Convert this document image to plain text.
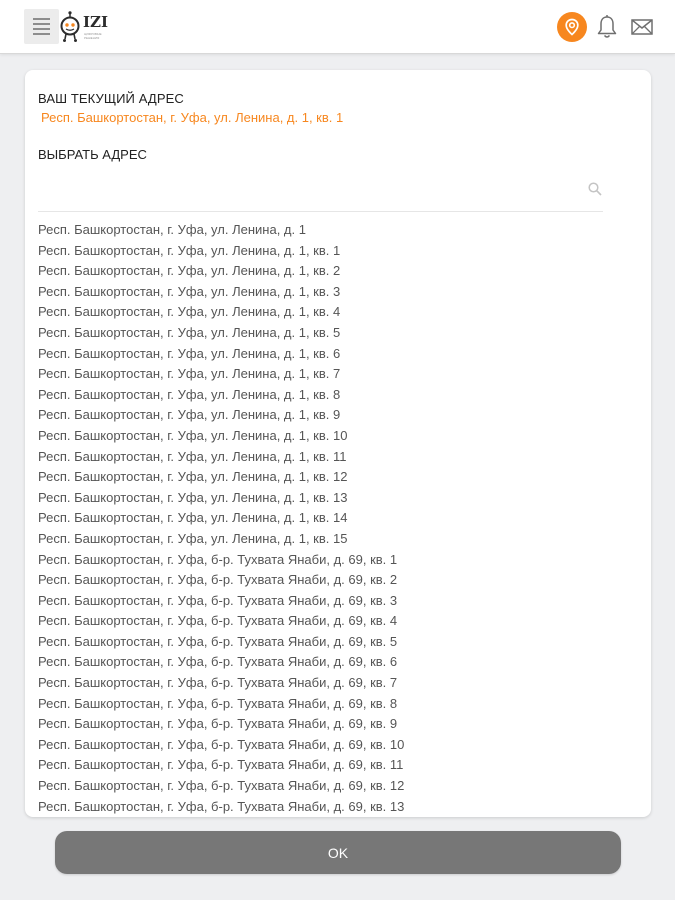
IZI
ЦИФРОВЫЕ РЕШЕНИЯ
ВАШ ТЕКУЩИЙ АДРЕС
Респ. Башкортостан, г. Уфа, ул. Ленина, д. 1, кв. 1
ВЫБРАТЬ АДРЕС
Респ. Башкортостан, г. Уфа, ул. Ленина, д. 1
Респ. Башкортостан, г. Уфа, ул. Ленина, д. 1, кв. 1
Респ. Башкортостан, г. Уфа, ул. Ленина, д. 1, кв. 2
Респ. Башкортостан, г. Уфа, ул. Ленина, д. 1, кв. 3
Респ. Башкортостан, г. Уфа, ул. Ленина, д. 1, кв. 4
Респ. Башкортостан, г. Уфа, ул. Ленина, д. 1, кв. 5
Респ. Башкортостан, г. Уфа, ул. Ленина, д. 1, кв. 6
Респ. Башкортостан, г. Уфа, ул. Ленина, д. 1, кв. 7
Респ. Башкортостан, г. Уфа, ул. Ленина, д. 1, кв. 8
Респ. Башкортостан, г. Уфа, ул. Ленина, д. 1, кв. 9
Респ. Башкортостан, г. Уфа, ул. Ленина, д. 1, кв. 10
Респ. Башкортостан, г. Уфа, ул. Ленина, д. 1, кв. 11
Респ. Башкортостан, г. Уфа, ул. Ленина, д. 1, кв. 12
Респ. Башкортостан, г. Уфа, ул. Ленина, д. 1, кв. 13
Респ. Башкортостан, г. Уфа, ул. Ленина, д. 1, кв. 14
Респ. Башкортостан, г. Уфа, ул. Ленина, д. 1, кв. 15
Респ. Башкортостан, г. Уфа, б-р. Тухвата Янаби, д. 69, кв. 1
Респ. Башкортостан, г. Уфа, б-р. Тухвата Янаби, д. 69, кв. 2
Респ. Башкортостан, г. Уфа, б-р. Тухвата Янаби, д. 69, кв. 3
Респ. Башкортостан, г. Уфа, б-р. Тухвата Янаби, д. 69, кв. 4
Респ. Башкортостан, г. Уфа, б-р. Тухвата Янаби, д. 69, кв. 5
Респ. Башкортостан, г. Уфа, б-р. Тухвата Янаби, д. 69, кв. 6
Респ. Башкортостан, г. Уфа, б-р. Тухвата Янаби, д. 69, кв. 7
Респ. Башкортостан, г. Уфа, б-р. Тухвата Янаби, д. 69, кв. 8
Респ. Башкортостан, г. Уфа, б-р. Тухвата Янаби, д. 69, кв. 9
Респ. Башкортостан, г. Уфа, б-р. Тухвата Янаби, д. 69, кв. 10
Респ. Башкортостан, г. Уфа, б-р. Тухвата Янаби, д. 69, кв. 11
Респ. Башкортостан, г. Уфа, б-р. Тухвата Янаби, д. 69, кв. 12
Респ. Башкортостан, г. Уфа, б-р. Тухвата Янаби, д. 69, кв. 13
OK
